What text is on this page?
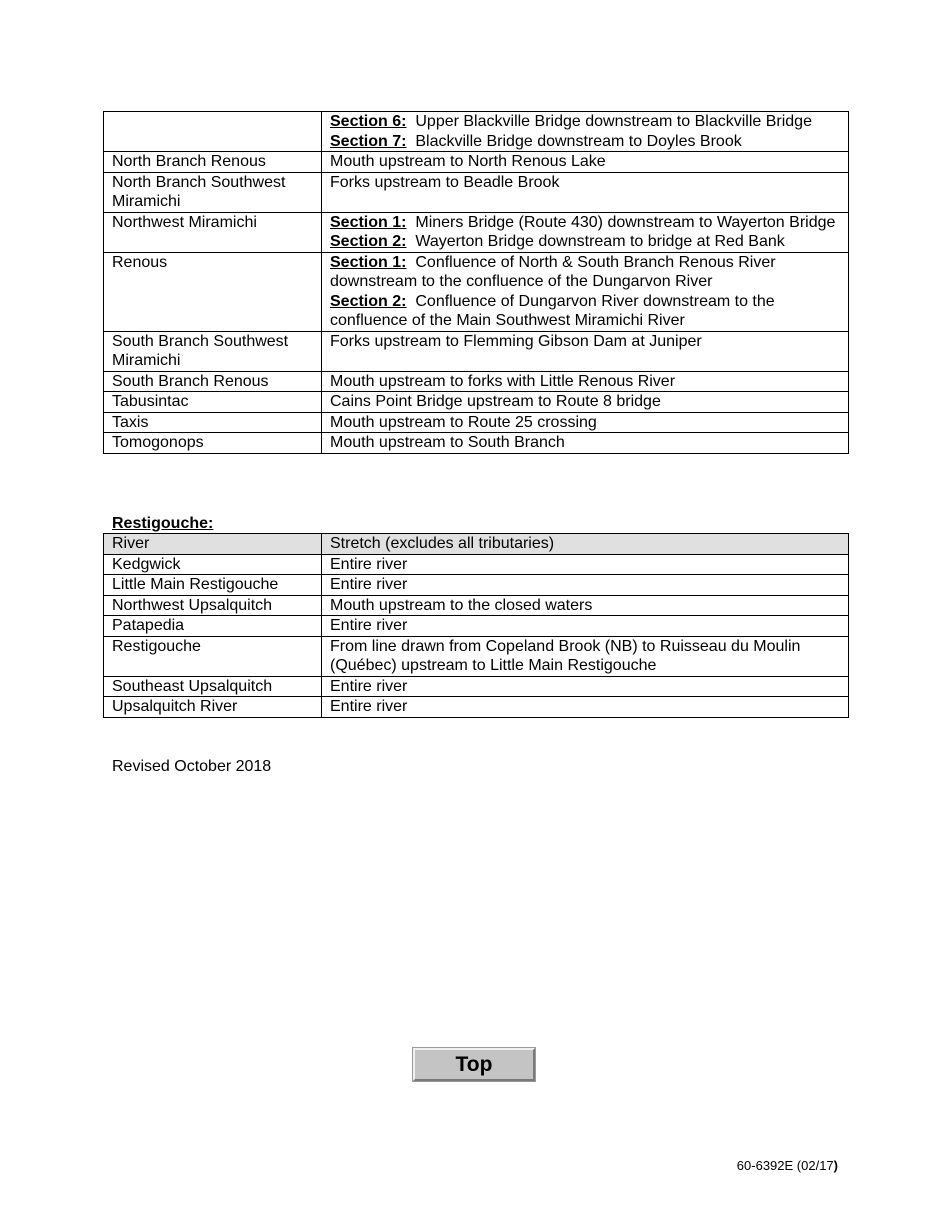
	Section 6: Upper Blackville Bridge downstream to Blackville Bridge
Section 7: Blackville Bridge downstream to Doyles Brook

North Branch Renous	Mouth upstream to North Renous Lake
North Branch Southwest Miramichi	Forks upstream to Beadle Brook
Northwest Miramichi	Section 1: Miners Bridge (Route 430) downstream to Wayerton Bridge
Section 2: Wayerton Bridge downstream to bridge at Red Bank

Renous	Section 1: Confluence of North & South Branch Renous River downstream to the confluence of the Dungarvon River
Section 2: Confluence of Dungarvon River downstream to the confluence of the Main Southwest Miramichi River

South Branch Southwest Miramichi	Forks upstream to Flemming Gibson Dam at Juniper
South Branch Renous	Mouth upstream to forks with Little Renous River
Tabusintac	Cains Point Bridge upstream to Route 8 bridge
Taxis	Mouth upstream to Route 25 crossing
Tomogonops	Mouth upstream to South Branch
Restigouche:
River	Stretch (excludes all tributaries)
Kedgwick	Entire river
Little Main Restigouche	Entire river
Northwest Upsalquitch	Mouth upstream to the closed waters
Patapedia	Entire river
Restigouche	From line drawn from Copeland Brook (NB) to Ruisseau du Moulin (Québec) upstream to Little Main Restigouche
Southeast Upsalquitch	Entire river
Upsalquitch River	Entire river
Revised October 2018
Top
60-6392E (02/17)
